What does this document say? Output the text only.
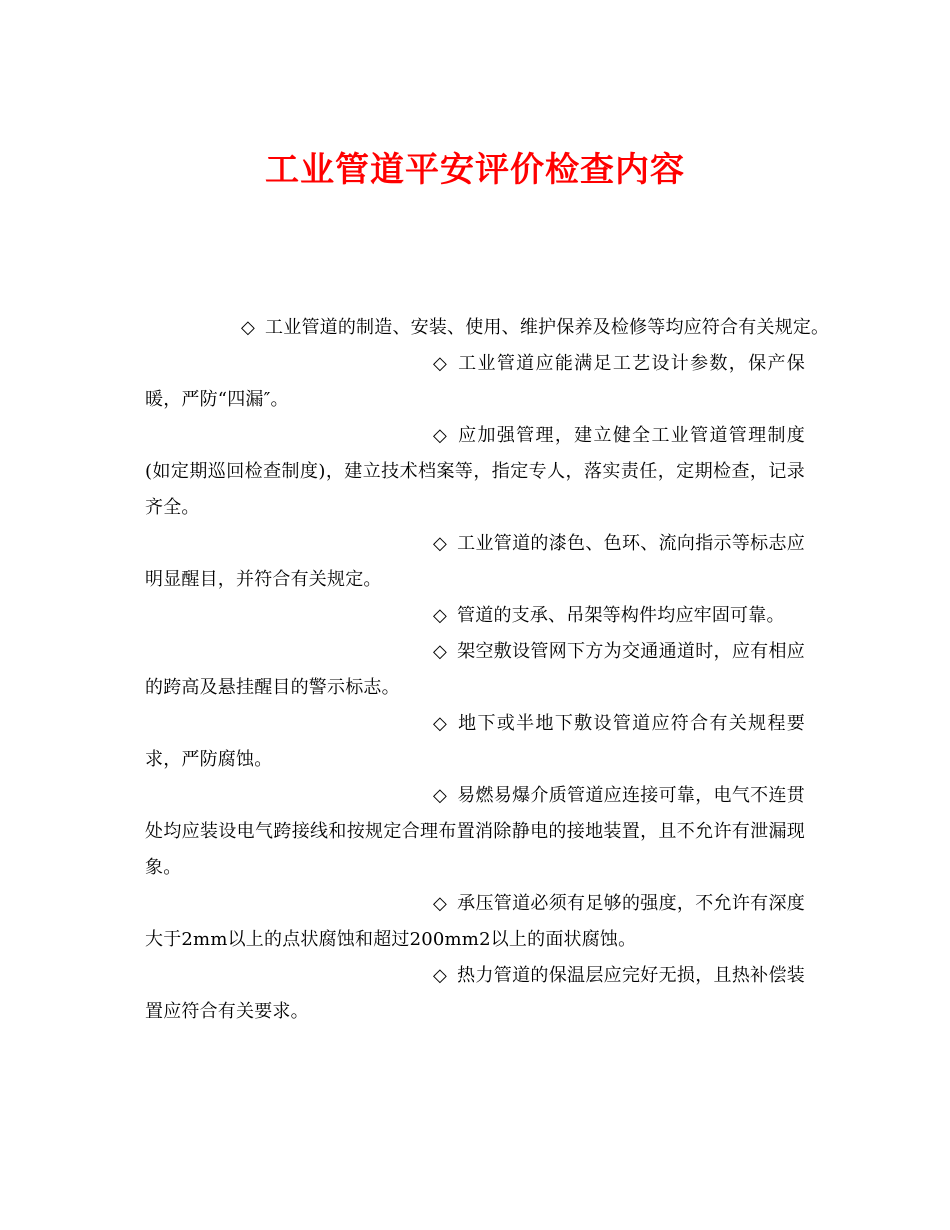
工业管道平安评价检查内容

◇ 工业管道的制造、安装、使用、维护保养及检修等均应符合有关规定。

◇ 工业管道应能满足工艺设计参数，保产保暖，严防“四漏″。

◇ 应加强管理，建立健全工业管道管理制度(如定期巡回检查制度)，建立技术档案等，指定专人，落实责任，定期检查，记录齐全。

◇ 工业管道的漆色、色环、流向指示等标志应明显醒目，并符合有关规定。

◇ 管道的支承、吊架等构件均应牢固可靠。

◇ 架空敷设管网下方为交通通道时，应有相应的跨高及悬挂醒目的警示标志。

◇ 地下或半地下敷设管道应符合有关规程要求，严防腐蚀。

◇ 易燃易爆介质管道应连接可靠，电气不连贯处均应装设电气跨接线和按规定合理布置消除静电的接地装置，且不允许有泄漏现象。

◇ 承压管道必须有足够的强度，不允许有深度大于2mm以上的点状腐蚀和超过200mm2以上的面状腐蚀。

◇ 热力管道的保温层应完好无损，且热补偿装置应符合有关要求。
